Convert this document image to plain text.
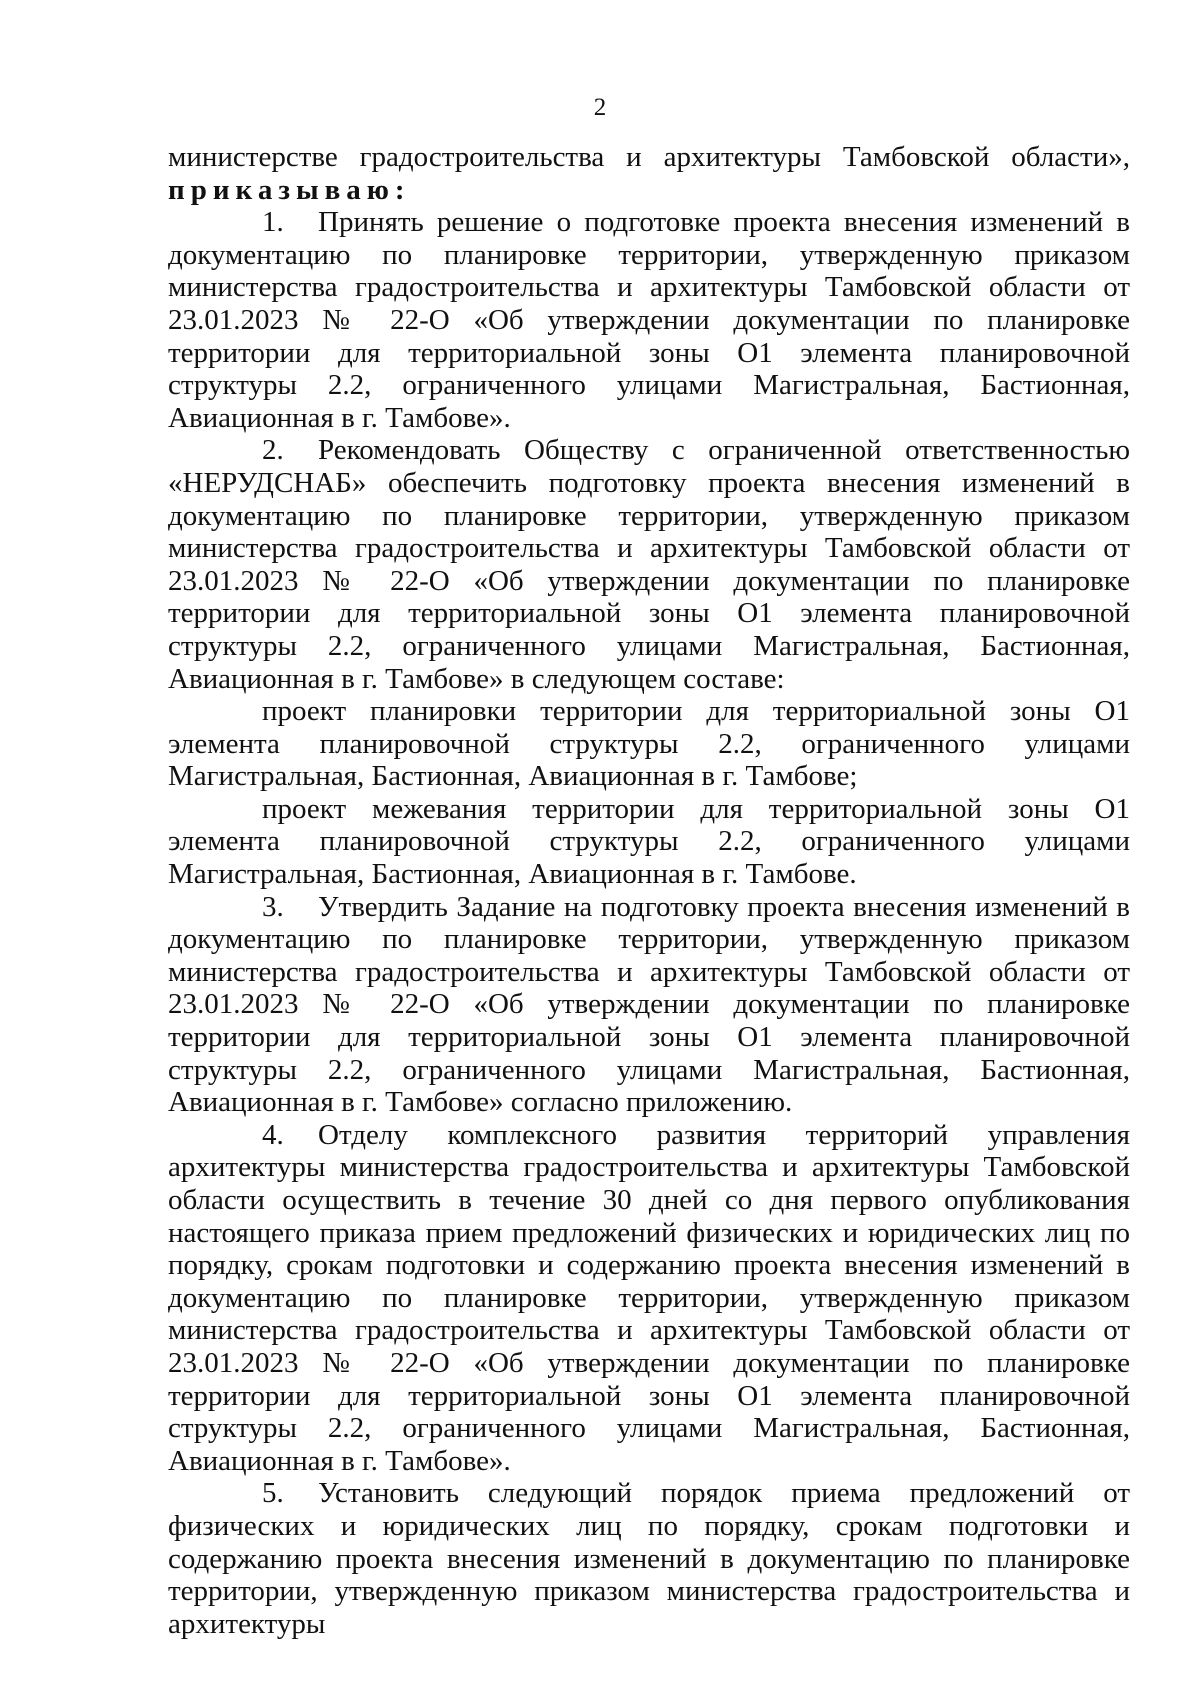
2

министерстве градостроительства и архитектуры Тамбовской области»,

приказываю:

1. Принять решение о подготовке проекта внесения изменений в документацию по планировке территории, утвержденную приказом министерства градостроительства и архитектуры Тамбовской области от 23.01.2023 № 22-О «Об утверждении документации по планировке территории для территориальной зоны О1 элемента планировочной структуры 2.2, ограниченного улицами Магистральная, Бастионная, Авиационная в г. Тамбове».

2. Рекомендовать Обществу с ограниченной ответственностью «НЕРУДСНАБ» обеспечить подготовку проекта внесения изменений в документацию по планировке территории, утвержденную приказом министерства градостроительства и архитектуры Тамбовской области от 23.01.2023 № 22-О «Об утверждении документации по планировке территории для территориальной зоны О1 элемента планировочной структуры 2.2, ограниченного улицами Магистральная, Бастионная, Авиационная в г. Тамбове» в следующем составе:

проект планировки территории для территориальной зоны О1 элемента планировочной структуры 2.2, ограниченного улицами Магистральная, Бастионная, Авиационная в г. Тамбове;

проект межевания территории для территориальной зоны О1 элемента планировочной структуры 2.2, ограниченного улицами Магистральная, Бастионная, Авиационная в г. Тамбове.

3. Утвердить Задание на подготовку проекта внесения изменений в документацию по планировке территории, утвержденную приказом министерства градостроительства и архитектуры Тамбовской области от 23.01.2023 № 22-О «Об утверждении документации по планировке территории для территориальной зоны О1 элемента планировочной структуры 2.2, ограниченного улицами Магистральная, Бастионная, Авиационная в г. Тамбове» согласно приложению.

4. Отделу комплексного развития территорий управления архитектуры министерства градостроительства и архитектуры Тамбовской области осуществить в течение 30 дней со дня первого опубликования настоящего приказа прием предложений физических и юридических лиц по порядку, срокам подготовки и содержанию проекта внесения изменений в документацию по планировке территории, утвержденную приказом министерства градостроительства и архитектуры Тамбовской области от 23.01.2023 № 22-О «Об утверждении документации по планировке территории для территориальной зоны О1 элемента планировочной структуры 2.2, ограниченного улицами Магистральная, Бастионная, Авиационная в г. Тамбове».

5. Установить следующий порядок приема предложений от физических и юридических лиц по порядку, срокам подготовки и содержанию проекта внесения изменений в документацию по планировке территории, утвержденную приказом министерства градостроительства и архитектуры
